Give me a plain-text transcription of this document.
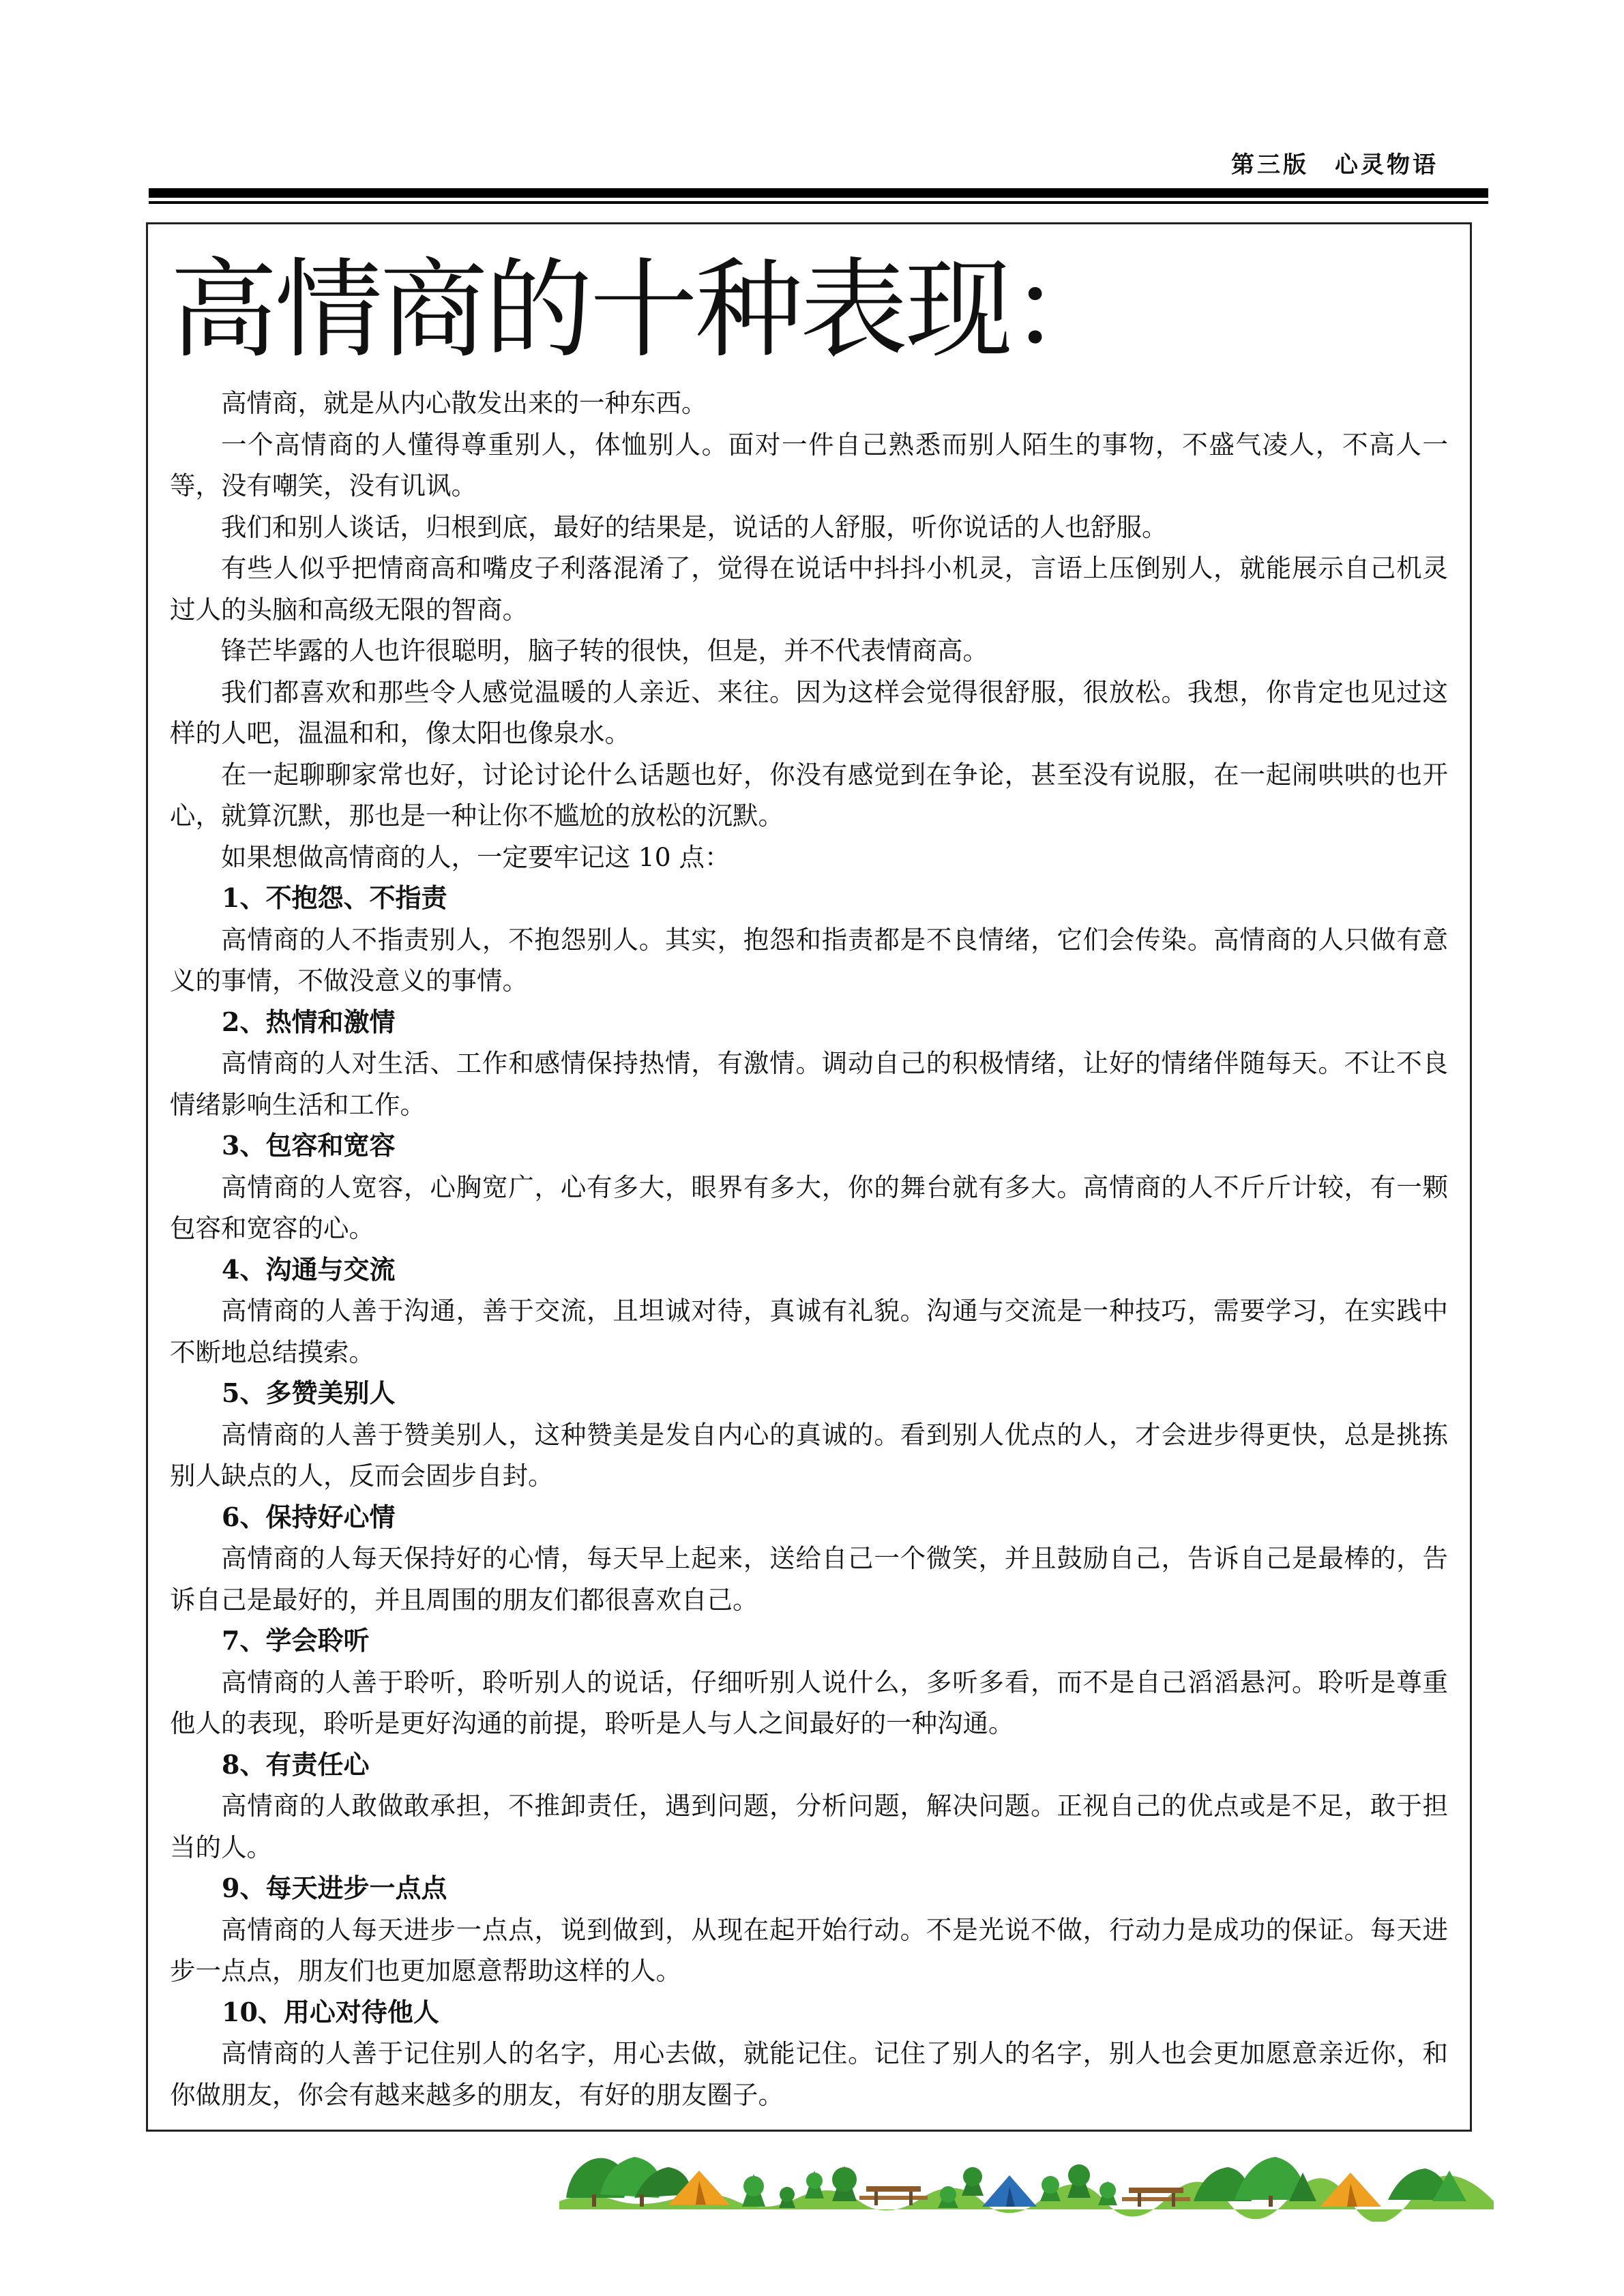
第三版　心灵物语
高情商的十种表现：

高情商，就是从内心散发出来的一种东西。

一个高情商的人懂得尊重别人，体恤别人。面对一件自己熟悉而别人陌生的事物，不盛气凌人，不高人一等，没有嘲笑，没有讥讽。

我们和别人谈话，归根到底，最好的结果是，说话的人舒服，听你说话的人也舒服。

有些人似乎把情商高和嘴皮子利落混淆了，觉得在说话中抖抖小机灵，言语上压倒别人，就能展示自己机灵过人的头脑和高级无限的智商。

锋芒毕露的人也许很聪明，脑子转的很快，但是，并不代表情商高。

我们都喜欢和那些令人感觉温暖的人亲近、来往。因为这样会觉得很舒服，很放松。我想，你肯定也见过这样的人吧，温温和和，像太阳也像泉水。

在一起聊聊家常也好，讨论讨论什么话题也好，你没有感觉到在争论，甚至没有说服，在一起闹哄哄的也开心，就算沉默，那也是一种让你不尴尬的放松的沉默。

如果想做高情商的人，一定要牢记这 10 点：

1、不抱怨、不指责

高情商的人不指责别人，不抱怨别人。其实，抱怨和指责都是不良情绪，它们会传染。高情商的人只做有意义的事情，不做没意义的事情。

2、热情和激情

高情商的人对生活、工作和感情保持热情，有激情。调动自己的积极情绪，让好的情绪伴随每天。不让不良情绪影响生活和工作。

3、包容和宽容

高情商的人宽容，心胸宽广，心有多大，眼界有多大，你的舞台就有多大。高情商的人不斤斤计较，有一颗包容和宽容的心。

4、沟通与交流

高情商的人善于沟通，善于交流，且坦诚对待，真诚有礼貌。沟通与交流是一种技巧，需要学习，在实践中不断地总结摸索。

5、多赞美别人

高情商的人善于赞美别人，这种赞美是发自内心的真诚的。看到别人优点的人，才会进步得更快，总是挑拣别人缺点的人，反而会固步自封。

6、保持好心情

高情商的人每天保持好的心情，每天早上起来，送给自己一个微笑，并且鼓励自己，告诉自己是最棒的，告诉自己是最好的，并且周围的朋友们都很喜欢自己。

7、学会聆听

高情商的人善于聆听，聆听别人的说话，仔细听别人说什么，多听多看，而不是自己滔滔悬河。聆听是尊重他人的表现，聆听是更好沟通的前提，聆听是人与人之间最好的一种沟通。

8、有责任心

高情商的人敢做敢承担，不推卸责任，遇到问题，分析问题，解决问题。正视自己的优点或是不足，敢于担当的人。

9、每天进步一点点

高情商的人每天进步一点点，说到做到，从现在起开始行动。不是光说不做，行动力是成功的保证。每天进步一点点，朋友们也更加愿意帮助这样的人。

10、用心对待他人

高情商的人善于记住别人的名字，用心去做，就能记住。记住了别人的名字，别人也会更加愿意亲近你，和你做朋友，你会有越来越多的朋友，有好的朋友圈子。
